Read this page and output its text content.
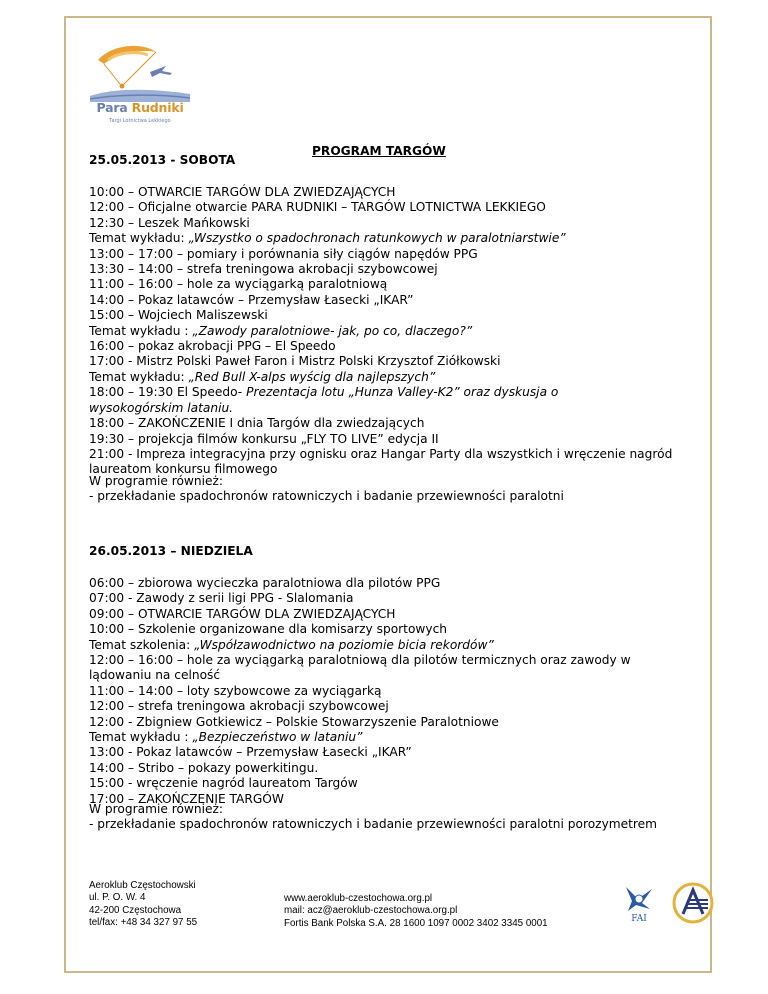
Para Rudniki
Targi Lotnictwa Lekkiego
PROGRAM TARGÓW
25.05.2013 - SOBOTA
10:00 – OTWARCIE TARGÓW DLA ZWIEDZAJĄCYCH
12:00 – Oficjalne otwarcie PARA RUDNIKI – TARGÓW LOTNICTWA LEKKIEGO
12:30 – Leszek Mańkowski
Temat wykładu: „Wszystko o spadochronach ratunkowych w paralotniarstwie”
13:00 – 17:00 – pomiary i porównania siły ciągów napędów PPG
13:30 – 14:00 – strefa treningowa akrobacji szybowcowej
11:00 – 16:00 – hole za wyciągarką paralotniową
14:00 – Pokaz latawców – Przemysław Łasecki „IKAR”
15:00 – Wojciech Maliszewski
Temat wykładu : „Zawody paralotniowe- jak, po co, dlaczego?”
16:00 – pokaz akrobacji PPG – El Speedo
17:00 - Mistrz Polski Paweł Faron i Mistrz Polski Krzysztof Ziółkowski
Temat wykładu: „Red Bull X-alps wyścig dla najlepszych”
18:00 – 19:30 El Speedo- Prezentacja lotu „Hunza Valley-K2” oraz dyskusja o
wysokogórskim lataniu.
18:00 – ZAKOŃCZENIE I dnia Targów dla zwiedzających
19:30 – projekcja filmów konkursu „FLY TO LIVE” edycja II
21:00 - Impreza integracyjna przy ognisku oraz Hangar Party dla wszystkich i wręczenie nagród laureatom konkursu filmowego
W programie również:
- przekładanie spadochronów ratowniczych i badanie przewiewności paralotni
26.05.2013 – NIEDZIELA
06:00 – zbiorowa wycieczka paralotniowa dla pilotów PPG
07:00 - Zawody z serii ligi PPG - Slalomania
09:00 – OTWARCIE TARGÓW DLA ZWIEDZAJĄCYCH
10:00 – Szkolenie organizowane dla komisarzy sportowych
Temat szkolenia: „Współzawodnictwo na poziomie bicia rekordów”
12:00 – 16:00 – hole za wyciągarką paralotniową dla pilotów termicznych oraz zawody w lądowaniu na celność
11:00 – 14:00 – loty szybowcowe za wyciągarką
12:00 – strefa treningowa akrobacji szybowcowej
12:00 - Zbigniew Gotkiewicz – Polskie Stowarzyszenie Paralotniowe
Temat wykładu : „Bezpieczeństwo w lataniu”
13:00 - Pokaz latawców – Przemysław Łasecki „IKAR”
14:00 – Stribo – pokazy powerkitingu.
15:00 - wręczenie nagród laureatom Targów
17:00 – ZAKOŃCZENIE TARGÓW
W programie również:
- przekładanie spadochronów ratowniczych i badanie przewiewności paralotni porozymetrem
Aeroklub Częstochowski
ul. P. O. W. 4
42-200 Częstochowa
tel/fax: +48 34 327 97 55
www.aeroklub-czestochowa.org.pl
mail: acz@aeroklub-czestochowa.org.pl
Fortis Bank Polska S.A. 28 1600 1097 0002 3402 3345 0001	FAI
